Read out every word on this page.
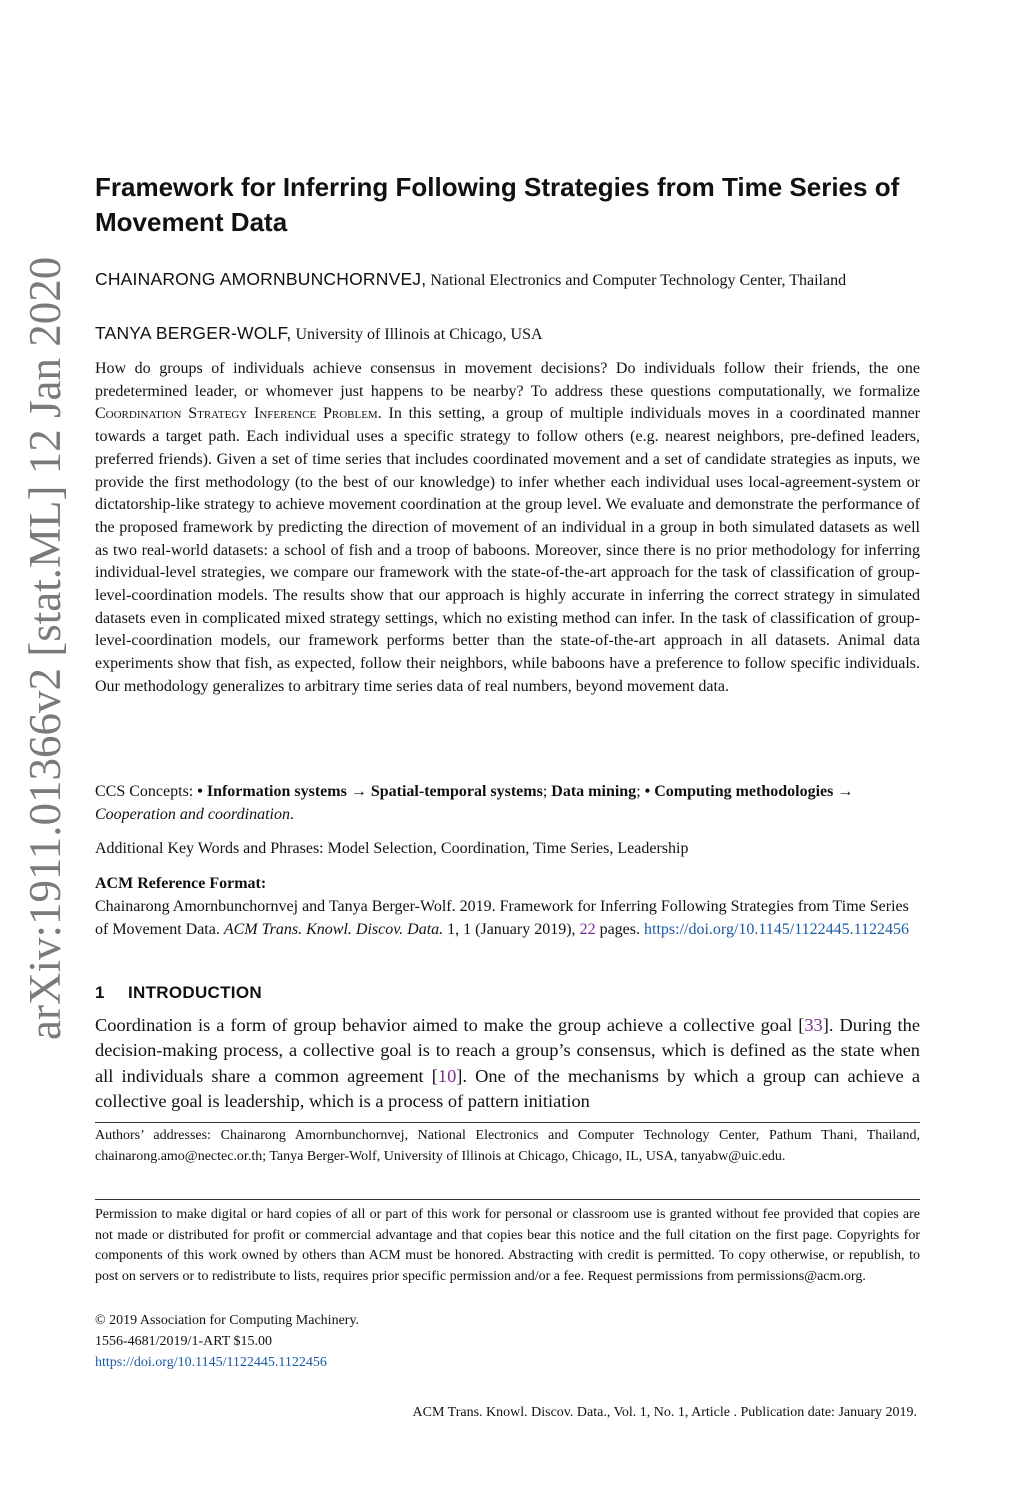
arXiv:1911.01366v2 [stat.ML] 12 Jan 2020
Framework for Inferring Following Strategies from Time Series of Movement Data
CHAINARONG AMORNBUNCHORNVEJ, National Electronics and Computer Technology Center, Thailand
TANYA BERGER-WOLF, University of Illinois at Chicago, USA
How do groups of individuals achieve consensus in movement decisions? Do individuals follow their friends, the one predetermined leader, or whomever just happens to be nearby? To address these questions computationally, we formalize Coordination Strategy Inference Problem. In this setting, a group of multiple individuals moves in a coordinated manner towards a target path. Each individual uses a specific strategy to follow others (e.g. nearest neighbors, pre-defined leaders, preferred friends). Given a set of time series that includes coordinated movement and a set of candidate strategies as inputs, we provide the first methodology (to the best of our knowledge) to infer whether each individual uses local-agreement-system or dictatorship-like strategy to achieve movement coordination at the group level. We evaluate and demonstrate the performance of the proposed framework by predicting the direction of movement of an individual in a group in both simulated datasets as well as two real-world datasets: a school of fish and a troop of baboons. Moreover, since there is no prior methodology for inferring individual-level strategies, we compare our framework with the state-of-the-art approach for the task of classification of group-level-coordination models. The results show that our approach is highly accurate in inferring the correct strategy in simulated datasets even in complicated mixed strategy settings, which no existing method can infer. In the task of classification of group-level-coordination models, our framework performs better than the state-of-the-art approach in all datasets. Animal data experiments show that fish, as expected, follow their neighbors, while baboons have a preference to follow specific individuals. Our methodology generalizes to arbitrary time series data of real numbers, beyond movement data.
CCS Concepts: • Information systems → Spatial-temporal systems; Data mining; • Computing methodologies → Cooperation and coordination.
Additional Key Words and Phrases: Model Selection, Coordination, Time Series, Leadership
ACM Reference Format:
Chainarong Amornbunchornvej and Tanya Berger-Wolf. 2019. Framework for Inferring Following Strategies from Time Series of Movement Data. ACM Trans. Knowl. Discov. Data. 1, 1 (January 2019), 22 pages. https://doi.org/10.1145/1122445.1122456
1 INTRODUCTION
Coordination is a form of group behavior aimed to make the group achieve a collective goal [33]. During the decision-making process, a collective goal is to reach a group’s consensus, which is defined as the state when all individuals share a common agreement [10]. One of the mechanisms by which a group can achieve a collective goal is leadership, which is a process of pattern initiation
Authors’ addresses: Chainarong Amornbunchornvej, National Electronics and Computer Technology Center, Pathum Thani, Thailand, chainarong.amo@nectec.or.th; Tanya Berger-Wolf, University of Illinois at Chicago, Chicago, IL, USA, tanyabw@uic.edu.
Permission to make digital or hard copies of all or part of this work for personal or classroom use is granted without fee provided that copies are not made or distributed for profit or commercial advantage and that copies bear this notice and the full citation on the first page. Copyrights for components of this work owned by others than ACM must be honored. Abstracting with credit is permitted. To copy otherwise, or republish, to post on servers or to redistribute to lists, requires prior specific permission and/or a fee. Request permissions from permissions@acm.org.
© 2019 Association for Computing Machinery.
1556-4681/2019/1-ART $15.00
https://doi.org/10.1145/1122445.1122456
ACM Trans. Knowl. Discov. Data., Vol. 1, No. 1, Article . Publication date: January 2019.
